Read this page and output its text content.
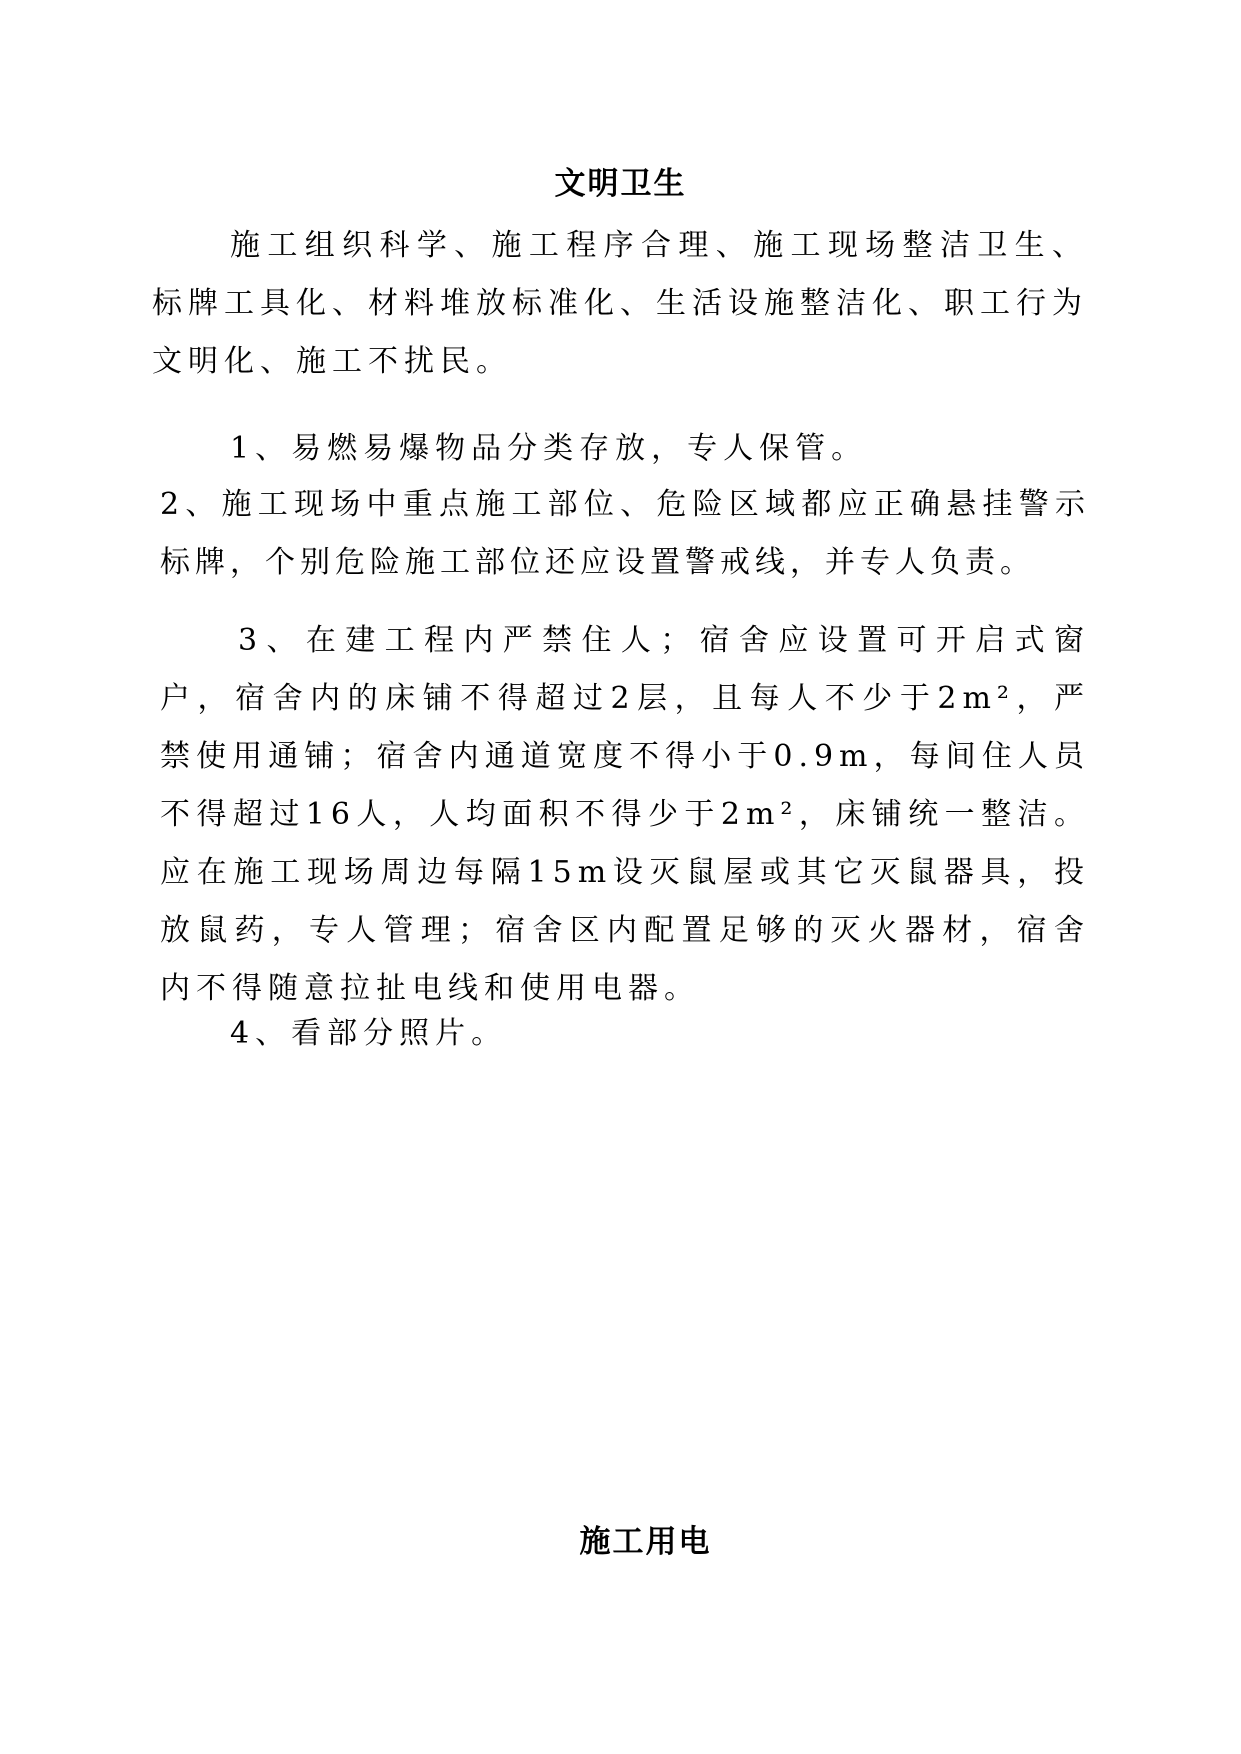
文明卫生

施工组织科学、施工程序合理、施工现场整洁卫生、标牌工具化、材料堆放标准化、生活设施整洁化、职工行为文明化、施工不扰民。

1、易燃易爆物品分类存放，专人保管。

2、施工现场中重点施工部位、危险区域都应正确悬挂警示标牌，个别危险施工部位还应设置警戒线，并专人负责。

3、在建工程内严禁住人；宿舍应设置可开启式窗户，宿舍内的床铺不得超过2层，且每人不少于2m²，严禁使用通铺；宿舍内通道宽度不得小于0.9m，每间住人员不得超过16人，人均面积不得少于2m²，床铺统一整洁。应在施工现场周边每隔15m设灭鼠屋或其它灭鼠器具，投放鼠药，专人管理；宿舍区内配置足够的灭火器材，宿舍内不得随意拉扯电线和使用电器。

4、看部分照片。

施工用电
